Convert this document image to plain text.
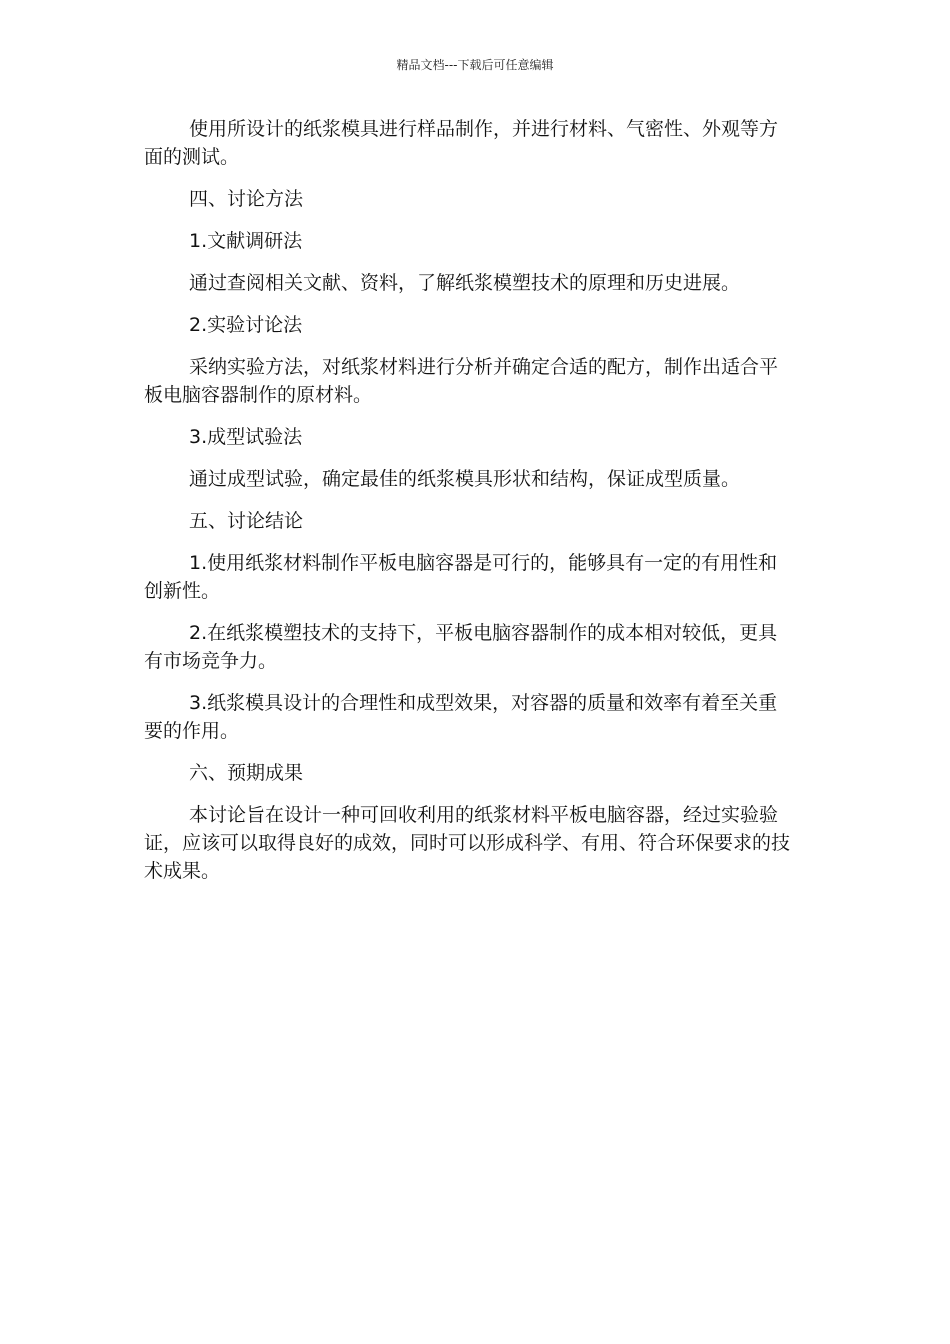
精品文档---下载后可任意编辑

使用所设计的纸浆模具进行样品制作，并进行材料、气密性、外观等方面的测试。

四、讨论方法

1.文献调研法

通过查阅相关文献、资料，了解纸浆模塑技术的原理和历史进展。

2.实验讨论法

采纳实验方法，对纸浆材料进行分析并确定合适的配方，制作出适合平板电脑容器制作的原材料。

3.成型试验法

通过成型试验，确定最佳的纸浆模具形状和结构，保证成型质量。

五、讨论结论

1.使用纸浆材料制作平板电脑容器是可行的，能够具有一定的有用性和创新性。

2.在纸浆模塑技术的支持下，平板电脑容器制作的成本相对较低，更具有市场竞争力。

3.纸浆模具设计的合理性和成型效果，对容器的质量和效率有着至关重要的作用。

六、预期成果

本讨论旨在设计一种可回收利用的纸浆材料平板电脑容器，经过实验验证，应该可以取得良好的成效，同时可以形成科学、有用、符合环保要求的技术成果。
